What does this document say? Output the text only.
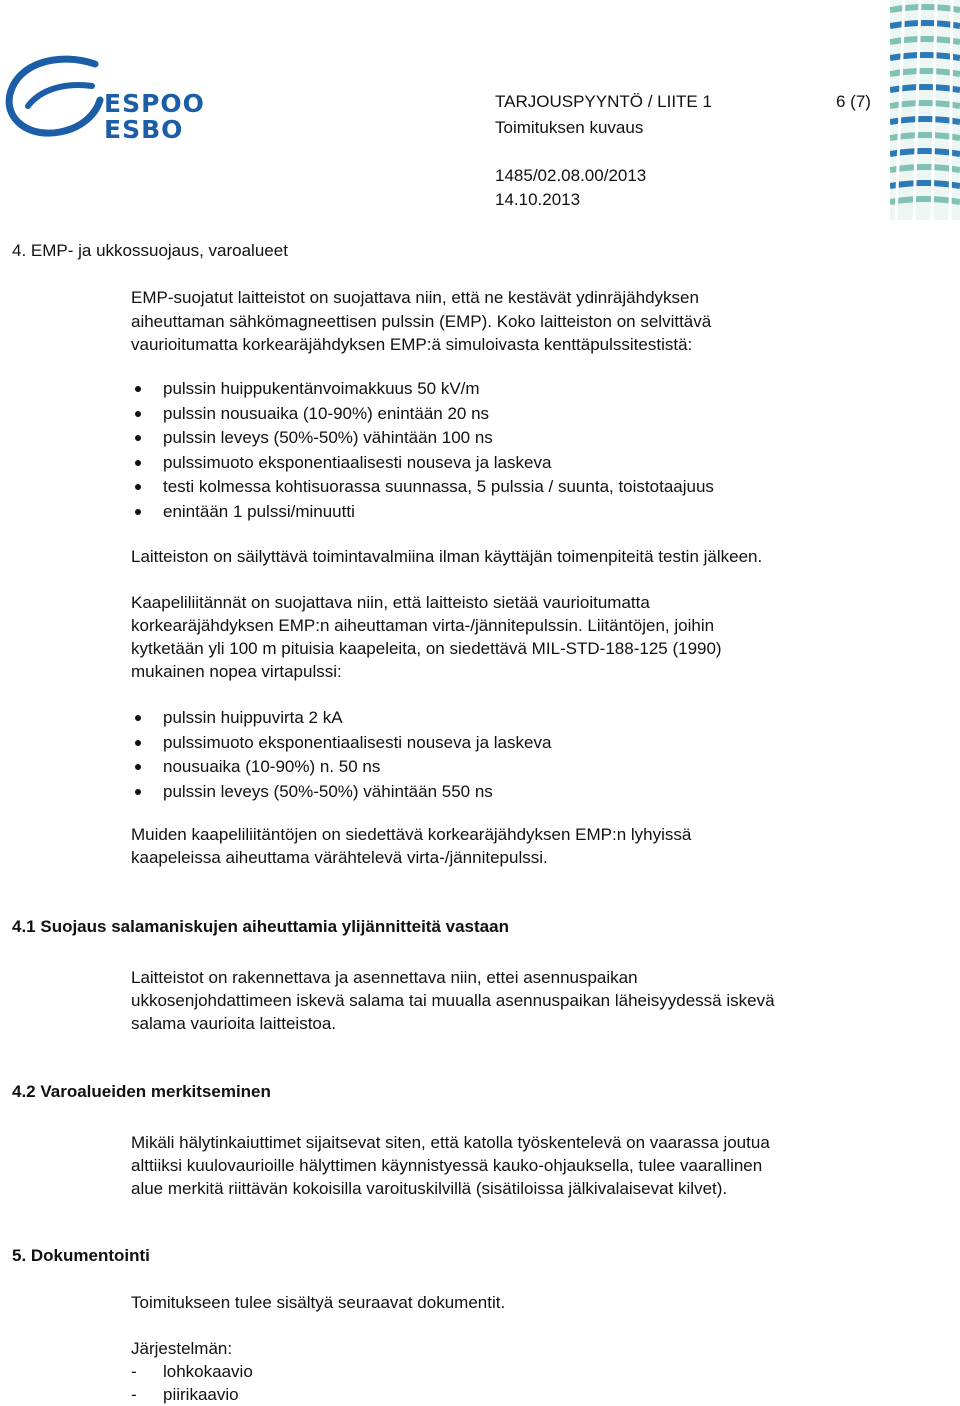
ESPOO
ESBO
TARJOUSPYYNTÖ / LIITE 1
Toimituksen kuvaus
6 (7)
1485/02.08.00/2013
14.10.2013
4. EMP- ja ukkossuojaus, varoalueet
EMP-suojatut laitteistot on suojattava niin, että ne kestävät ydinräjähdyksen
aiheuttaman sähkömagneettisen pulssin (EMP). Koko laitteiston on selvittävä
vaurioitumatta korkearäjähdyksen EMP:ä simuloivasta kenttäpulssitestistä:
pulssin huippukentänvoimakkuus 50 kV/m
pulssin nousuaika (10-90%) enintään 20 ns
pulssin leveys (50%-50%) vähintään 100 ns
pulssimuoto eksponentiaalisesti nouseva ja laskeva
testi kolmessa kohtisuorassa suunnassa, 5 pulssia / suunta, toistotaajuus
enintään 1 pulssi/minuutti
Laitteiston on säilyttävä toimintavalmiina ilman käyttäjän toimenpiteitä testin jälkeen.
Kaapeliliitännät on suojattava niin, että laitteisto sietää vaurioitumatta
korkearäjähdyksen EMP:n aiheuttaman virta-/jännitepulssin. Liitäntöjen, joihin
kytketään yli 100 m pituisia kaapeleita, on siedettävä MIL-STD-188-125 (1990)
mukainen nopea virtapulssi:
pulssin huippuvirta 2 kA
pulssimuoto eksponentiaalisesti nouseva ja laskeva
nousuaika (10-90%) n. 50 ns
pulssin leveys (50%-50%) vähintään 550 ns
Muiden kaapeliliitäntöjen on siedettävä korkearäjähdyksen EMP:n lyhyissä
kaapeleissa aiheuttama värähtelevä virta-/jännitepulssi.
4.1 Suojaus salamaniskujen aiheuttamia ylijännitteitä vastaan
Laitteistot on rakennettava ja asennettava niin, ettei asennuspaikan
ukkosenjohdattimeen iskevä salama tai muualla asennuspaikan läheisyydessä iskevä
salama vaurioita laitteistoa.
4.2 Varoalueiden merkitseminen
Mikäli hälytinkaiuttimet sijaitsevat siten, että katolla työskentelevä on vaarassa joutua
alttiiksi kuulovaurioille hälyttimen käynnistyessä kauko-ohjauksella, tulee vaarallinen
alue merkitä riittävän kokoisilla varoituskilvillä (sisätiloissa jälkivalaisevat kilvet).
5. Dokumentointi
Toimitukseen tulee sisältyä seuraavat dokumentit.
Järjestelmän:
- lohkokaavio
- piirikaavio
